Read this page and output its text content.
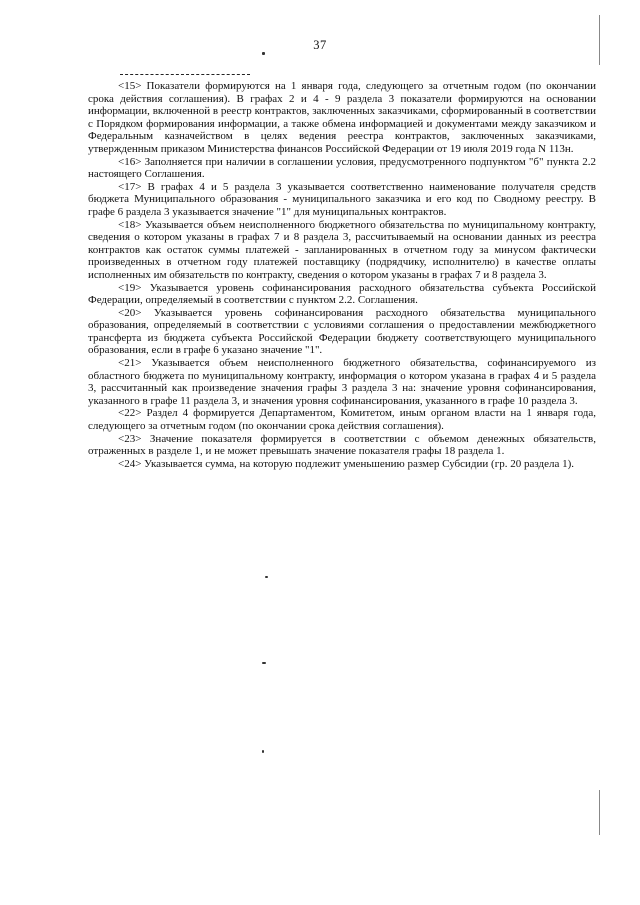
37

<15> Показатели формируются на 1 января года, следующего за отчетным годом (по окончании срока действия соглашения). В графах 2 и 4 - 9 раздела 3 показатели формируются на основании информации, включенной в реестр контрактов, заключенных заказчиками, сформированный в соответствии с Порядком формирования информации, а также обмена информацией и документами между заказчиком и Федеральным казначейством в целях ведения реестра контрактов, заключенных заказчиками, утвержденным приказом Министерства финансов Российской Федерации от 19 июля 2019 года N 113н.

<16> Заполняется при наличии в соглашении условия, предусмотренного подпунктом "б" пункта 2.2 настоящего Соглашения.

<17> В графах 4 и 5 раздела 3 указывается соответственно наименование получателя средств бюджета Муниципального образования - муниципального заказчика и его код по Сводному реестру. В графе 6 раздела 3 указывается значение "1" для муниципальных контрактов.

<18> Указывается объем неисполненного бюджетного обязательства по муниципальному контракту, сведения о котором указаны в графах 7 и 8 раздела 3, рассчитываемый на основании данных из реестра контрактов как остаток суммы платежей - запланированных в отчетном году за минусом фактически произведенных в отчетном году платежей поставщику (подрядчику, исполнителю) в качестве оплаты исполненных им обязательств по контракту, сведения о котором указаны в графах 7 и 8 раздела 3.

<19> Указывается уровень софинансирования расходного обязательства субъекта Российской Федерации, определяемый в соответствии с пунктом 2.2. Соглашения.

<20> Указывается уровень софинансирования расходного обязательства муниципального образования, определяемый в соответствии с условиями соглашения о предоставлении межбюджетного трансферта из бюджета субъекта Российской Федерации бюджету соответствующего муниципального образования, если в графе 6 указано значение "1".

<21> Указывается объем неисполненного бюджетного обязательства, софинансируемого из областного бюджета по муниципальному контракту, информация о котором указана в графах 4 и 5 раздела 3, рассчитанный как произведение значения графы 3 раздела 3 на: значение уровня софинансирования, указанного в графе 11 раздела 3, и значения уровня софинансирования, указанного в графе 10 раздела 3.

<22> Раздел 4 формируется Департаментом, Комитетом, иным органом власти на 1 января года, следующего за отчетным годом (по окончании срока действия соглашения).

<23> Значение показателя формируется в соответствии с объемом денежных обязательств, отраженных в разделе 1, и не может превышать значение показателя графы 18 раздела 1.

<24> Указывается сумма, на которую подлежит уменьшению размер Субсидии (гр. 20 раздела 1).
